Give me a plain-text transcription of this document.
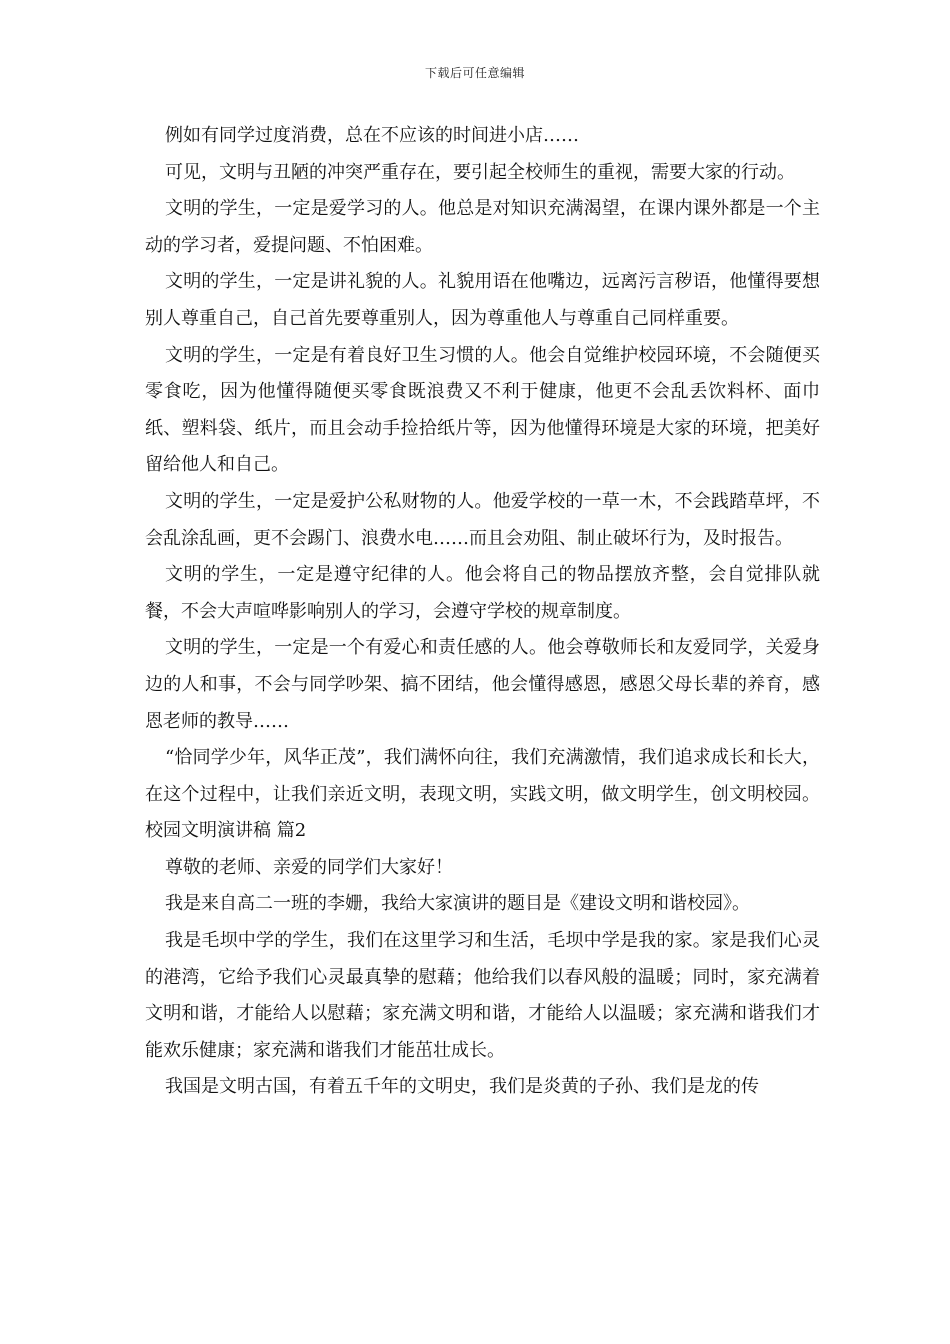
下载后可任意编辑

例如有同学过度消费，总在不应该的时间进小店……

可见，文明与丑陋的冲突严重存在，要引起全校师生的重视，需要大家的行动。

文明的学生，一定是爱学习的人。他总是对知识充满渴望，在课内课外都是一个主动的学习者，爱提问题、不怕困难。

文明的学生，一定是讲礼貌的人。礼貌用语在他嘴边，远离污言秽语，他懂得要想别人尊重自己，自己首先要尊重别人，因为尊重他人与尊重自己同样重要。

文明的学生，一定是有着良好卫生习惯的人。他会自觉维护校园环境，不会随便买零食吃，因为他懂得随便买零食既浪费又不利于健康，他更不会乱丢饮料杯、面巾纸、塑料袋、纸片，而且会动手捡拾纸片等，因为他懂得环境是大家的环境，把美好留给他人和自己。

文明的学生，一定是爱护公私财物的人。他爱学校的一草一木，不会践踏草坪，不会乱涂乱画，更不会踢门、浪费水电……而且会劝阻、制止破坏行为，及时报告。

文明的学生，一定是遵守纪律的人。他会将自己的物品摆放齐整，会自觉排队就餐，不会大声喧哗影响别人的学习，会遵守学校的规章制度。

文明的学生，一定是一个有爱心和责任感的人。他会尊敬师长和友爱同学，关爱身边的人和事，不会与同学吵架、搞不团结，他会懂得感恩，感恩父母长辈的养育，感恩老师的教导……

“恰同学少年，风华正茂”，我们满怀向往，我们充满激情，我们追求成长和长大，在这个过程中，让我们亲近文明，表现文明，实践文明，做文明学生，创文明校园。校园文明演讲稿 篇2

尊敬的老师、亲爱的同学们大家好！

我是来自高二一班的李姗，我给大家演讲的题目是《建设文明和谐校园》。

我是毛坝中学的学生，我们在这里学习和生活，毛坝中学是我的家。家是我们心灵的港湾，它给予我们心灵最真挚的慰藉；他给我们以春风般的温暖；同时，家充满着文明和谐，才能给人以慰藉；家充满文明和谐，才能给人以温暖；家充满和谐我们才能欢乐健康；家充满和谐我们才能茁壮成长。

我国是文明古国，有着五千年的文明史，我们是炎黄的子孙、我们是龙的传
